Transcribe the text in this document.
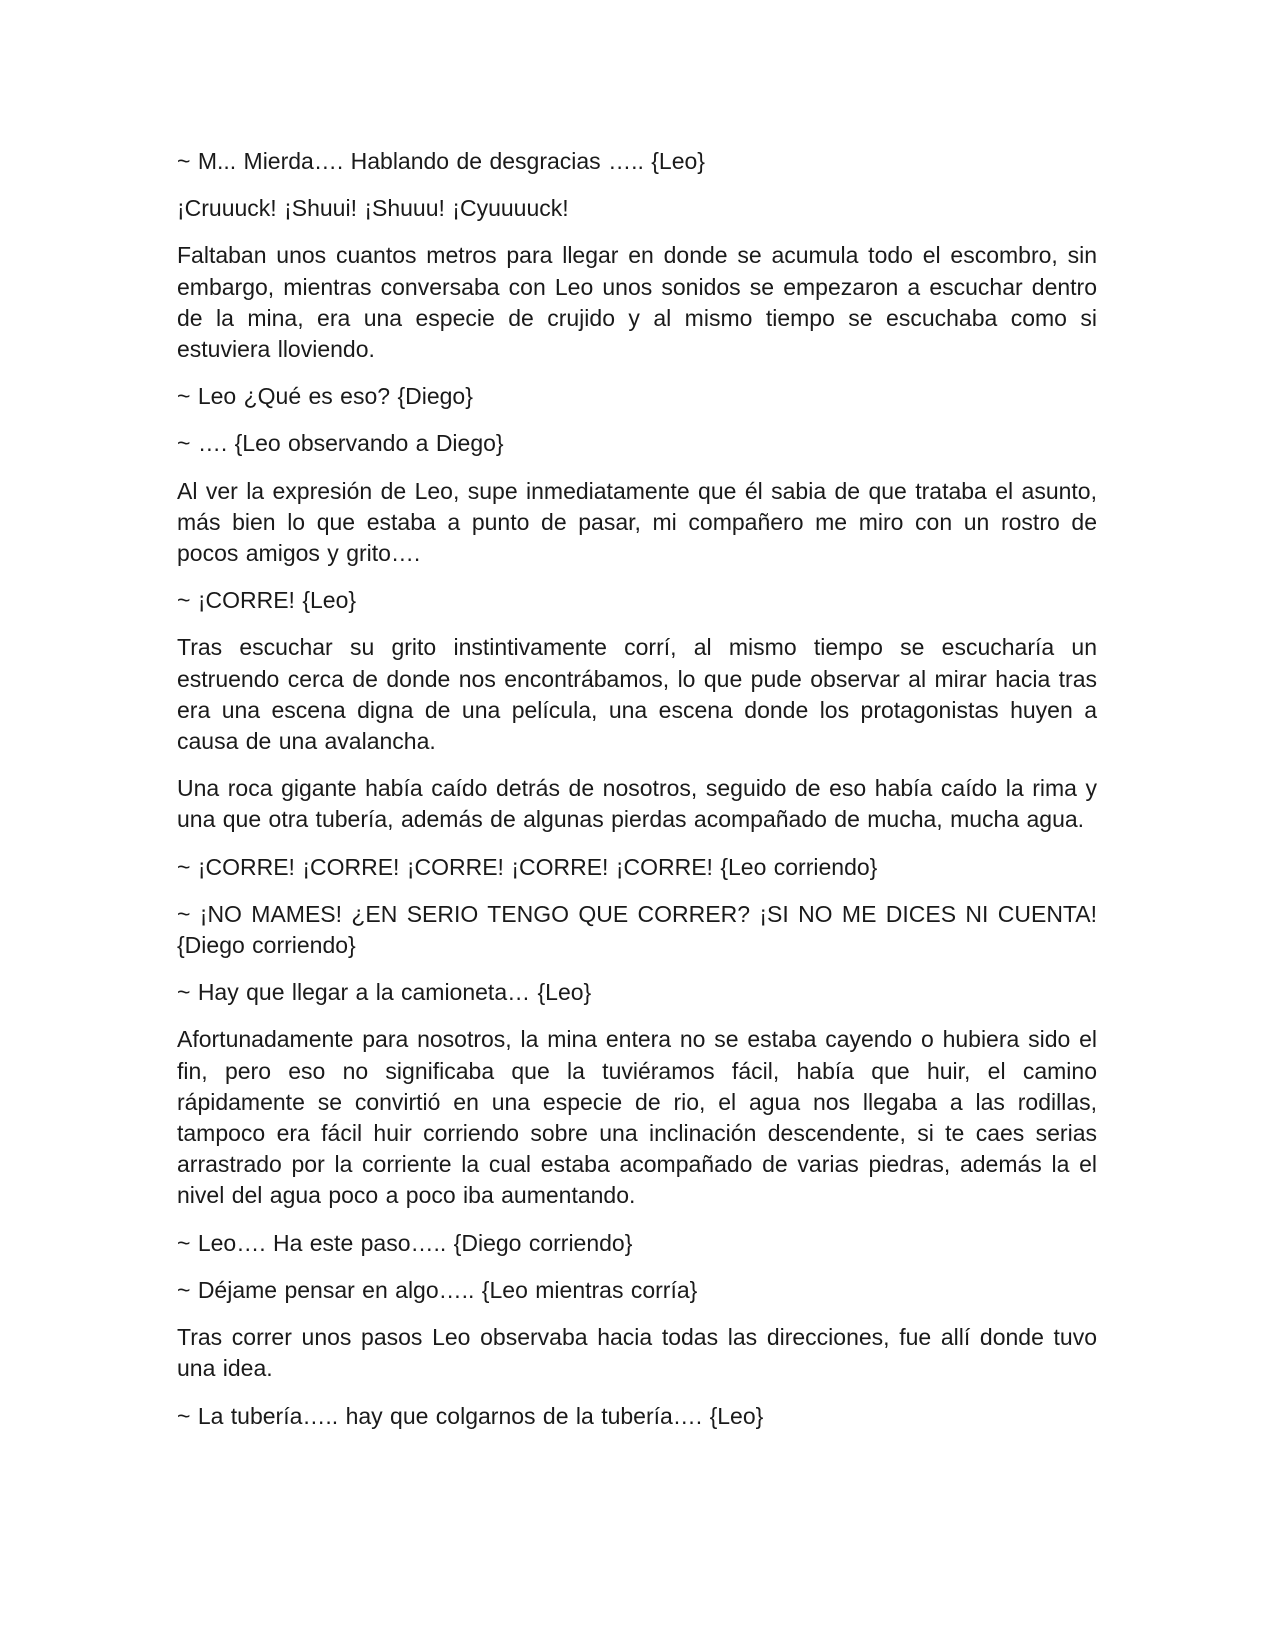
~ M... Mierda…. Hablando de desgracias ….. {Leo}

¡Cruuuck! ¡Shuui! ¡Shuuu! ¡Cyuuuuck!

Faltaban unos cuantos metros para llegar en donde se acumula todo el escombro, sin embargo, mientras conversaba con Leo unos sonidos se empezaron a escuchar dentro de la mina, era una especie de crujido y al mismo tiempo se escuchaba como si estuviera lloviendo.

~ Leo ¿Qué es eso? {Diego}

~ …. {Leo observando a Diego}

Al ver la expresión de Leo, supe inmediatamente que él sabia de que trataba el asunto, más bien lo que estaba a punto de pasar, mi compañero me miro con un rostro de pocos amigos y grito….

~ ¡CORRE! {Leo}

Tras escuchar su grito instintivamente corrí, al mismo tiempo se escucharía un estruendo cerca de donde nos encontrábamos, lo que pude observar al mirar hacia tras era una escena digna de una película, una escena donde los protagonistas huyen a causa de una avalancha.

Una roca gigante había caído detrás de nosotros, seguido de eso había caído la rima y una que otra tubería, además de algunas pierdas acompañado de mucha, mucha agua.

~ ¡CORRE! ¡CORRE! ¡CORRE! ¡CORRE! ¡CORRE! {Leo corriendo}

~ ¡NO MAMES! ¿EN SERIO TENGO QUE CORRER? ¡SI NO ME DICES NI CUENTA! {Diego corriendo}

~ Hay que llegar a la camioneta… {Leo}

Afortunadamente para nosotros, la mina entera no se estaba cayendo o hubiera sido el fin, pero eso no significaba que la tuviéramos fácil, había que huir, el camino rápidamente se convirtió en una especie de rio, el agua nos llegaba a las rodillas, tampoco era fácil huir corriendo sobre una inclinación descendente, si te caes serias arrastrado por la corriente la cual estaba acompañado de varias piedras, además la el nivel del agua poco a poco iba aumentando.

~ Leo…. Ha este paso….. {Diego corriendo}

~ Déjame pensar en algo….. {Leo mientras corría}

Tras correr unos pasos Leo observaba hacia todas las direcciones, fue allí donde tuvo una idea.

~ La tubería….. hay que colgarnos de la tubería…. {Leo}
